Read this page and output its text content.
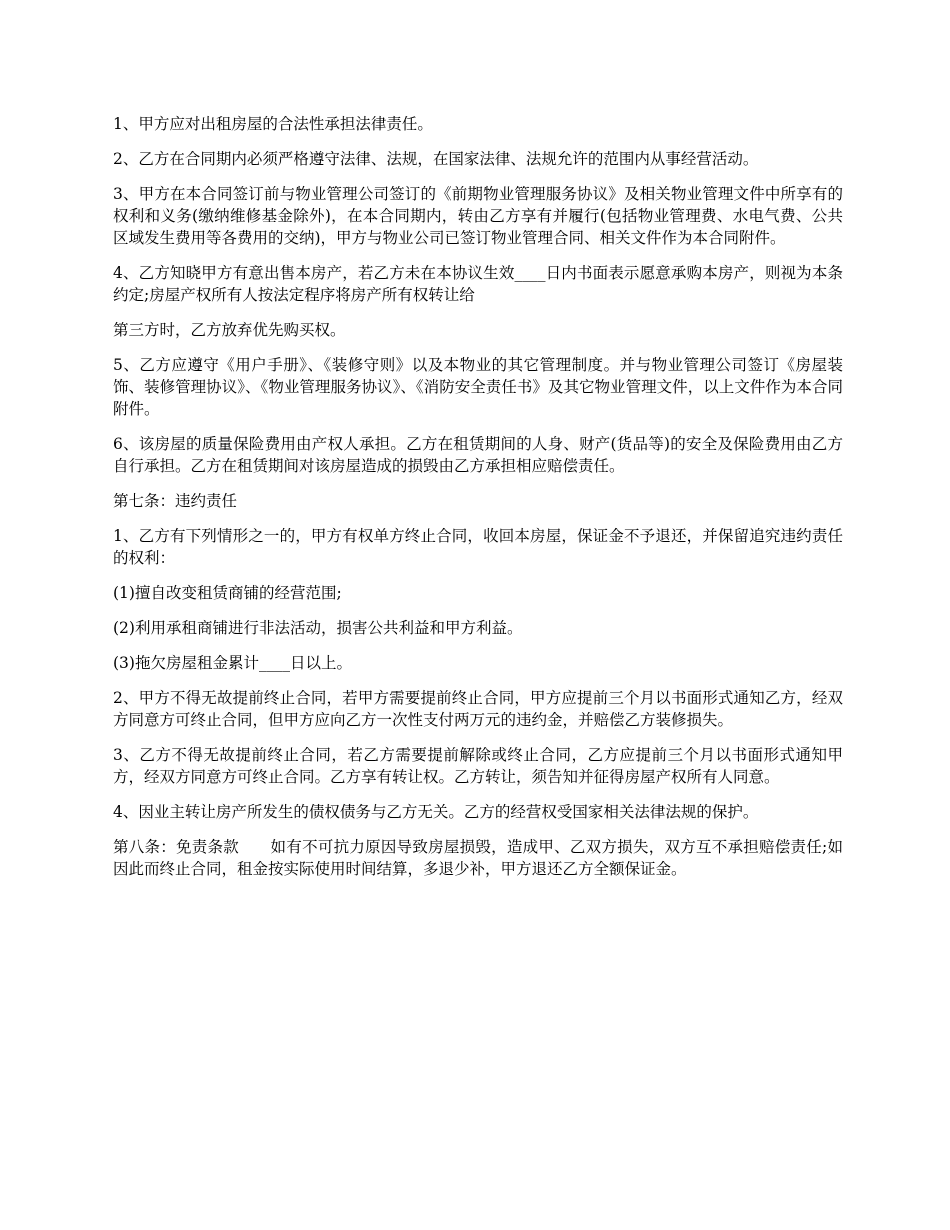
1、甲方应对出租房屋的合法性承担法律责任。

2、乙方在合同期内必须严格遵守法律、法规，在国家法律、法规允许的范围内从事经营活动。

3、甲方在本合同签订前与物业管理公司签订的《前期物业管理服务协议》及相关物业管理文件中所享有的权利和义务(缴纳维修基金除外)，在本合同期内，转由乙方享有并履行(包括物业管理费、水电气费、公共区域发生费用等各费用的交纳)，甲方与物业公司已签订物业管理合同、相关文件作为本合同附件。

4、乙方知晓甲方有意出售本房产，若乙方未在本协议生效____日内书面表示愿意承购本房产，则视为本条约定;房屋产权所有人按法定程序将房产所有权转让给

第三方时，乙方放弃优先购买权。

5、乙方应遵守《用户手册》、《装修守则》以及本物业的其它管理制度。并与物业管理公司签订《房屋装饰、装修管理协议》、《物业管理服务协议》、《消防安全责任书》及其它物业管理文件，以上文件作为本合同附件。

6、该房屋的质量保险费用由产权人承担。乙方在租赁期间的人身、财产(货品等)的安全及保险费用由乙方自行承担。乙方在租赁期间对该房屋造成的损毁由乙方承担相应赔偿责任。

第七条：违约责任

1、乙方有下列情形之一的，甲方有权单方终止合同，收回本房屋，保证金不予退还，并保留追究违约责任的权利：

(1)擅自改变租赁商铺的经营范围;

(2)利用承租商铺进行非法活动，损害公共利益和甲方利益。

(3)拖欠房屋租金累计____日以上。

2、甲方不得无故提前终止合同，若甲方需要提前终止合同，甲方应提前三个月以书面形式通知乙方，经双方同意方可终止合同，但甲方应向乙方一次性支付两万元的违约金，并赔偿乙方装修损失。

3、乙方不得无故提前终止合同，若乙方需要提前解除或终止合同，乙方应提前三个月以书面形式通知甲方，经双方同意方可终止合同。乙方享有转让权。乙方转让，须告知并征得房屋产权所有人同意。

4、因业主转让房产所发生的债权债务与乙方无关。乙方的经营权受国家相关法律法规的保护。

第八条：免责条款　　如有不可抗力原因导致房屋损毁，造成甲、乙双方损失，双方互不承担赔偿责任;如因此而终止合同，租金按实际使用时间结算，多退少补，甲方退还乙方全额保证金。
